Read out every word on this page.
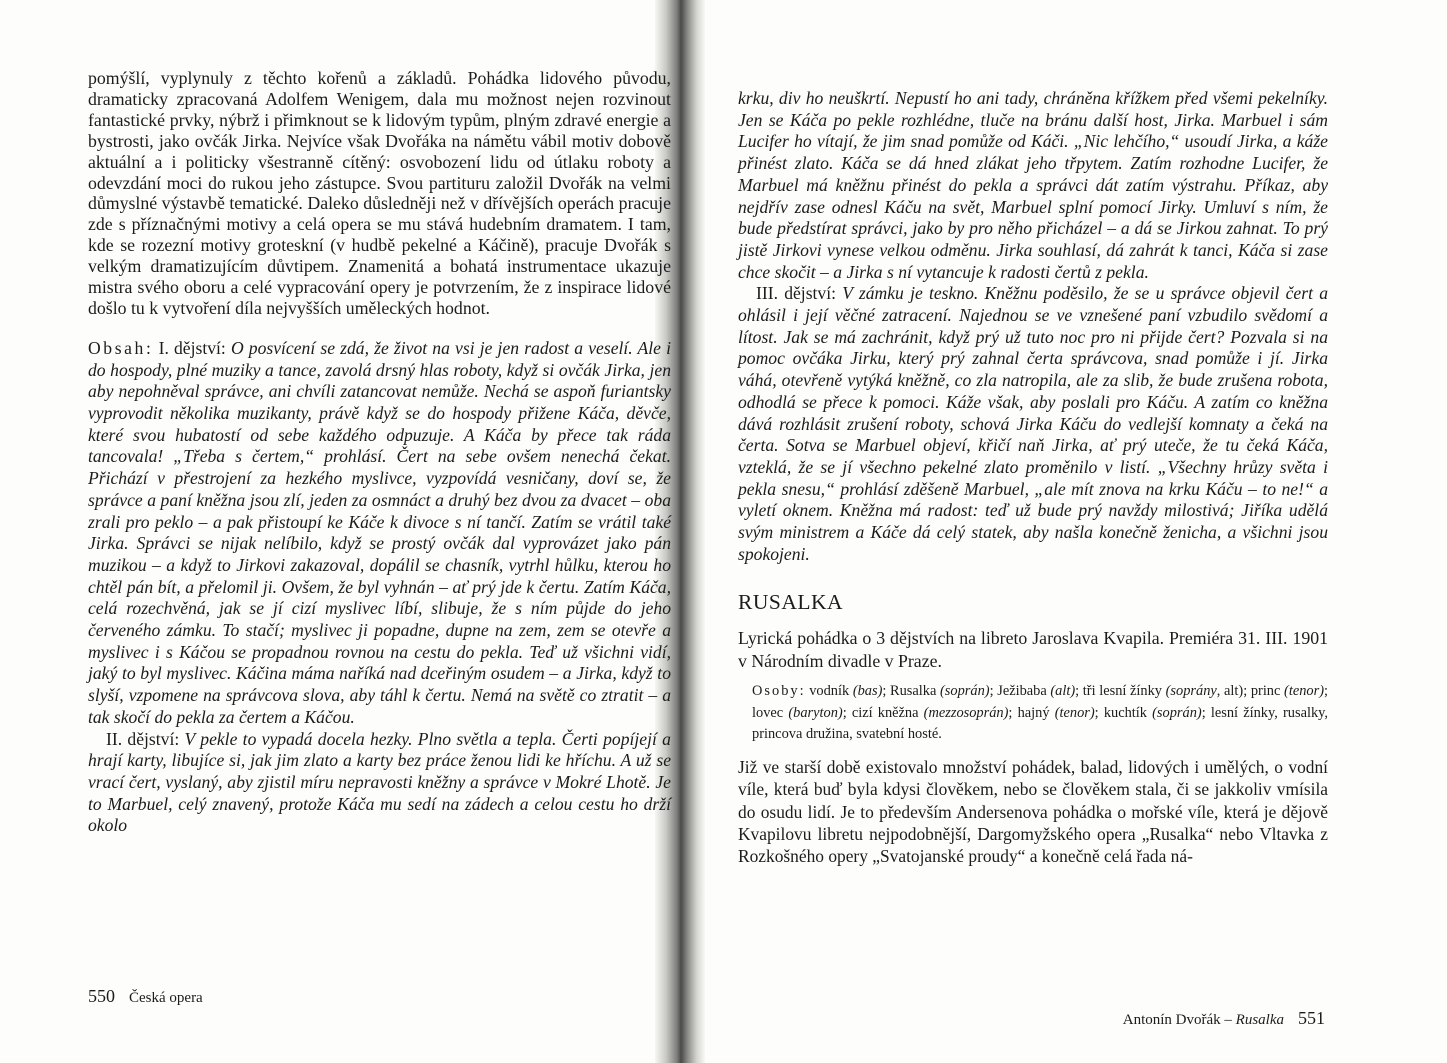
pomýšlí, vyplynuly z těchto kořenů a základů. Pohádka lidového původu, dramaticky zpracovaná Adolfem Wenigem, dala mu možnost nejen rozvinout fantastické prvky, nýbrž i přimknout se k lidovým typům, plným zdravé energie a bystrosti, jako ovčák Jirka. Nejvíce však Dvořáka na námětu vábil motiv dobově aktuální a i politicky všestranně cítěný: osvobození lidu od útlaku roboty a odevzdání moci do rukou jeho zástupce. Svou partituru založil Dvořák na velmi důmyslné výstavbě tematické. Daleko důsledněji než v dřívějších operách pracuje zde s příznačnými motivy a celá opera se mu stává hudebním dramatem. I tam, kde se rozezní motivy groteskní (v hudbě pekelné a Káčině), pracuje Dvořák s velkým dramatizujícím důvtipem. Znamenitá a bohatá instrumentace ukazuje mistra svého oboru a celé vypracování opery je potvrzením, že z inspirace lidové došlo tu k vytvoření díla nejvyšších uměleckých hodnot.

Obsah: I. dějství: O posvícení se zdá, že život na vsi je jen radost a veselí. Ale i do hospody, plné muziky a tance, zavolá drsný hlas roboty, když si ovčák Jirka, jen aby nepohněval správce, ani chvíli zatancovat nemůže. Nechá se aspoň furiantsky vyprovodit několika muzikanty, právě když se do hospody přižene Káča, děvče, které svou hubatostí od sebe každého odpuzuje. A Káča by přece tak ráda tancovala! „Třeba s čertem,“ prohlásí. Čert na sebe ovšem nenechá čekat. Přichází v přestrojení za hezkého myslivce, vyzpovídá vesničany, doví se, že správce a paní kněžna jsou zlí, jeden za osmnáct a druhý bez dvou za dvacet – oba zrali pro peklo – a pak přistoupí ke Káče k divoce s ní tančí. Zatím se vrátil také Jirka. Správci se nijak nelíbilo, když se prostý ovčák dal vyprovázet jako pán muzikou – a když to Jirkovi zakazoval, dopálil se chasník, vytrhl hůlku, kterou ho chtěl pán bít, a přelomil ji. Ovšem, že byl vyhnán – ať prý jde k čertu. Zatím Káča, celá rozechvěná, jak se jí cizí myslivec líbí, slibuje, že s ním půjde do jeho červeného zámku. To stačí; myslivec ji popadne, dupne na zem, zem se otevře a myslivec i s Káčou se propadnou rovnou na cestu do pekla. Teď už všichni vidí, jaký to byl myslivec. Káčina máma naříká nad dceřiným osudem – a Jirka, když to slyší, vzpomene na správcova slova, aby táhl k čertu. Nemá na světě co ztratit – a tak skočí do pekla za čertem a Káčou.

II. dějství: V pekle to vypadá docela hezky. Plno světla a tepla. Čerti popíjejí a hrají karty, libujíce si, jak jim zlato a karty bez práce ženou lidi ke hříchu. A už se vrací čert, vyslaný, aby zjistil míru nepravosti kněžny a správce v Mokré Lhotě. Je to Marbuel, celý znavený, protože Káča mu sedí na zádech a celou cestu ho drží okolo

550 Česká opera

krku, div ho neuškrtí. Nepustí ho ani tady, chráněna křížkem před všemi pekelníky. Jen se Káča po pekle rozhlédne, tluče na bránu další host, Jirka. Marbuel i sám Lucifer ho vítají, že jim snad pomůže od Káči. „Nic lehčího,“ usoudí Jirka, a káže přinést zlato. Káča se dá hned zlákat jeho třpytem. Zatím rozhodne Lucifer, že Marbuel má kněžnu přinést do pekla a správci dát zatím výstrahu. Příkaz, aby nejdřív zase odnesl Káču na svět, Marbuel splní pomocí Jirky. Umluví s ním, že bude předstírat správci, jako by pro něho přicházel – a dá se Jirkou zahnat. To prý jistě Jirkovi vynese velkou odměnu. Jirka souhlasí, dá zahrát k tanci, Káča si zase chce skočit – a Jirka s ní vytancuje k radosti čertů z pekla.

III. dějství: V zámku je teskno. Kněžnu poděsilo, že se u správce objevil čert a ohlásil i její věčné zatracení. Najednou se ve vznešené paní vzbudilo svědomí a lítost. Jak se má zachránit, když prý už tuto noc pro ni přijde čert? Pozvala si na pomoc ovčáka Jirku, který prý zahnal čerta správcova, snad pomůže i jí. Jirka váhá, otevřeně vytýká kněžně, co zla natropila, ale za slib, že bude zrušena robota, odhodlá se přece k pomoci. Káže však, aby poslali pro Káču. A zatím co kněžna dává rozhlásit zrušení roboty, schová Jirka Káču do vedlejší komnaty a čeká na čerta. Sotva se Marbuel objeví, křičí naň Jirka, ať prý uteče, že tu čeká Káča, vzteklá, že se jí všechno pekelné zlato proměnilo v listí. „Všechny hrůzy světa i pekla snesu,“ prohlásí zděšeně Marbuel, „ale mít znova na krku Káču – to ne!“ a vyletí oknem. Kněžna má radost: teď už bude prý navždy milostivá; Jiříka udělá svým ministrem a Káče dá celý statek, aby našla konečně ženicha, a všichni jsou spokojeni.

RUSALKA

Lyrická pohádka o 3 dějstvích na libreto Jaroslava Kvapila. Premiéra 31. III. 1901 v Národním divadle v Praze.

Osoby: vodník (bas); Rusalka (soprán); Ježibaba (alt); tři lesní žínky (soprány, alt); princ (tenor); lovec (baryton); cizí kněžna (mezzosoprán); hajný (tenor); kuchtík (soprán); lesní žínky, rusalky, princova družina, svatební hosté.

Již ve starší době existovalo množství pohádek, balad, lidových i umělých, o vodní víle, která buď byla kdysi člověkem, nebo se člověkem stala, či se jakkoliv vmísila do osudu lidí. Je to především Andersenova pohádka o mořské víle, která je dějově Kvapilovu libretu nejpodobnější, Dargomyžského opera „Rusalka“ nebo Vltavka z Rozkošného opery „Svatojanské proudy“ a konečně celá řada ná-

Antonín Dvořák – Rusalka 551
